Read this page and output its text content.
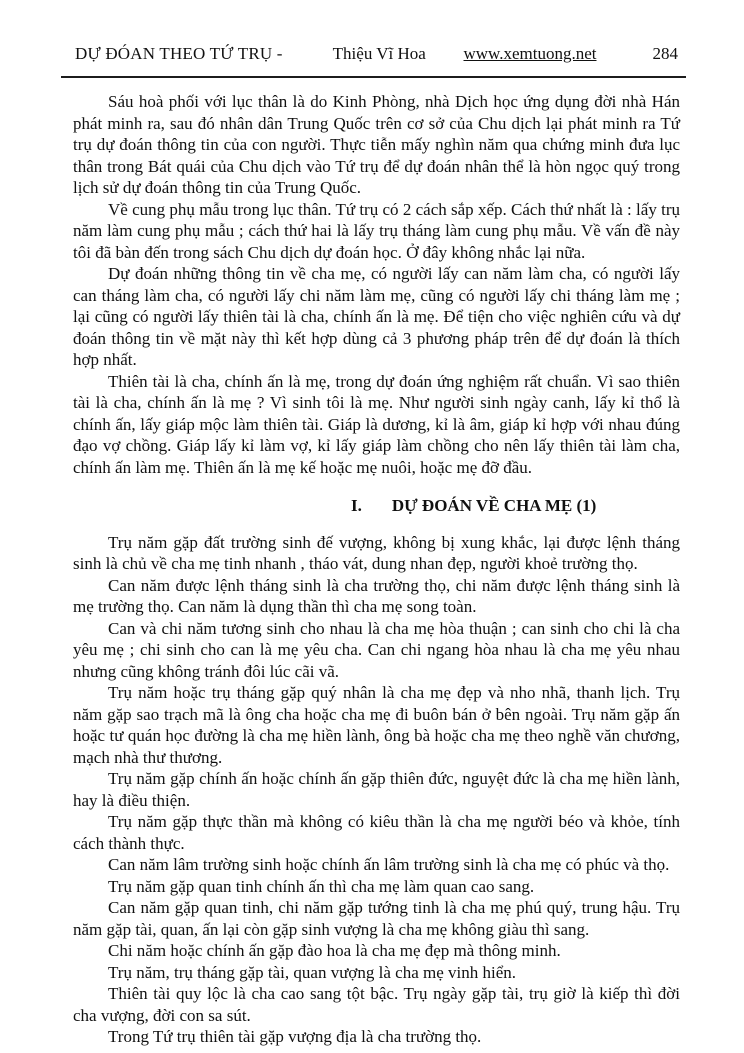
DỰ ĐÓAN THEO TỨ TRỤ -	Thiệu Vĩ Hoa www.xemtuong.net	284

Sáu hoà phối với lục thân là do Kinh Phòng, nhà Dịch học ứng dụng đời nhà Hán phát minh ra, sau đó nhân dân Trung Quốc trên cơ sở của Chu dịch lại phát minh ra Tứ trụ dự đoán thông tin của con người. Thực tiễn mấy nghìn năm qua chứng minh đưa lục thân trong Bát quái của Chu dịch vào Tứ trụ để dự đoán nhân thể là hòn ngọc quý trong lịch sử dự đoán thông tin của Trung Quốc.

Về cung phụ mẫu trong lục thân. Tứ trụ có 2 cách sắp xếp. Cách thứ nhất là : lấy trụ năm làm cung phụ mẫu ; cách thứ hai là lấy trụ tháng làm cung phụ mẫu. Về vấn đề này tôi đã bàn đến trong sách Chu dịch dự đoán học. Ở đây không nhắc lại nữa.

Dự đoán những thông tin về cha mẹ, có người lấy can năm làm cha, có người lấy can tháng làm cha, có người lấy chi năm làm mẹ, cũng có người lấy chi tháng làm mẹ ; lại cũng có người lấy thiên tài là cha, chính ấn là mẹ. Để tiện cho việc nghiên cứu và dự đoán thông tin về mặt này thì kết hợp dùng cả 3 phương pháp trên để dự đoán là thích hợp nhất.

Thiên tài là cha, chính ấn là mẹ, trong dự đoán ứng nghiệm rất chuẩn. Vì sao thiên tài là cha, chính ấn là mẹ ? Vì sinh tôi là mẹ. Như người sinh ngày canh, lấy kỉ thổ là chính ấn, lấy giáp mộc làm thiên tài. Giáp là dương, kỉ là âm, giáp kỉ hợp với nhau đúng đạo vợ chồng. Giáp lấy kỉ làm vợ, kỉ lấy giáp làm chồng cho nên lấy thiên tài làm cha, chính ấn làm mẹ. Thiên ấn là mẹ kế hoặc mẹ nuôi, hoặc mẹ đỡ đầu.

I. DỰ ĐOÁN VỀ CHA MẸ (1)

Trụ năm gặp đất trường sinh đế vượng, không bị xung khắc, lại được lệnh tháng sinh là chủ về cha mẹ tinh nhanh , tháo vát, dung nhan đẹp, người khoẻ trường thọ.

Can năm được lệnh tháng sinh là cha trường thọ, chi năm được lệnh tháng sinh là mẹ trường thọ. Can năm là dụng thần thì cha mẹ song toàn.

Can và chi năm tương sinh cho nhau là cha mẹ hòa thuận ; can sinh cho chi là cha yêu mẹ ; chi sinh cho can là mẹ yêu cha. Can chi ngang hòa nhau là cha mẹ yêu nhau nhưng cũng không tránh đôi lúc cãi vã.

Trụ năm hoặc trụ tháng gặp quý nhân là cha mẹ đẹp và nho nhã, thanh lịch. Trụ năm gặp sao trạch mã là ông cha hoặc cha mẹ đi buôn bán ở bên ngoài. Trụ năm gặp ấn hoặc tư quán học đường là cha mẹ hiền lành, ông bà hoặc cha mẹ theo nghề văn chương, mạch nhà thư thương.

Trụ năm gặp chính ấn hoặc chính ấn gặp thiên đức, nguyệt đức là cha mẹ hiền lành, hay là điều thiện.

Trụ năm gặp thực thần mà không có kiêu thần là cha mẹ người béo và khỏe, tính cách thành thực.

Can năm lâm trường sinh hoặc chính ấn lâm trường sinh là cha mẹ có phúc và thọ.

Trụ năm gặp quan tinh chính ấn thì cha mẹ làm quan cao sang.

Can năm gặp quan tinh, chi năm gặp tướng tinh là cha mẹ phú quý, trung hậu. Trụ năm gặp tài, quan, ấn lại còn gặp sinh vượng là cha mẹ không giàu thì sang.

Chi năm hoặc chính ấn gặp đào hoa là cha mẹ đẹp mà thông minh.

Trụ năm, trụ tháng gặp tài, quan vượng là cha mẹ vinh hiển.

Thiên tài quy lộc là cha cao sang tột bậc. Trụ ngày gặp tài, trụ giờ là kiếp thì đời cha vượng, đời con sa sút.

Trong Tứ trụ thiên tài gặp vượng địa là cha trường thọ.
